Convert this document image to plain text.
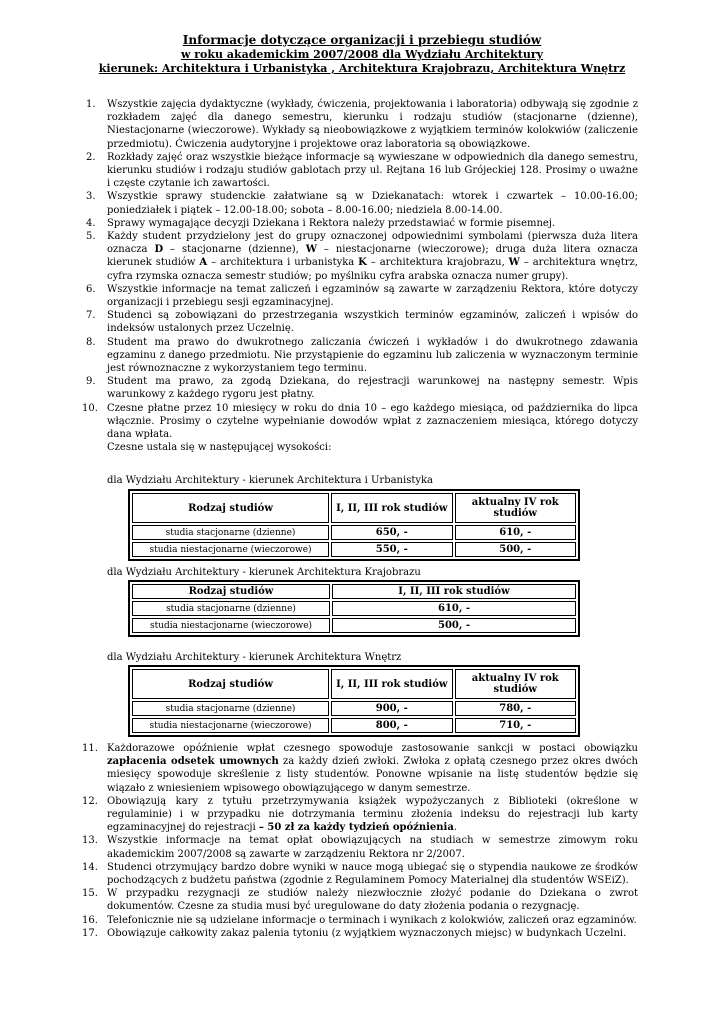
Informacje dotyczące organizacji i przebiegu studiów
w roku akademickim 2007/2008 dla Wydziału Architektury
kierunek: Architektura i Urbanistyka , Architektura Krajobrazu, Architektura Wnętrz
1. Wszystkie zajęcia dydaktyczne (wykłady, ćwiczenia, projektowania i laboratoria) odbywają się zgodnie z rozkładem zajęć dla danego semestru, kierunku i rodzaju studiów (stacjonarne (dzienne), Niestacjonarne (wieczorowe). Wykłady są nieobowiązkowe z wyjątkiem terminów kolokwiów (zaliczenie przedmiotu). Ćwiczenia audytoryjne i projektowe oraz laboratoria są obowiązkowe.
2. Rozkłady zajęć oraz wszystkie bieżące informacje są wywieszane w odpowiednich dla danego semestru, kierunku studiów i rodzaju studiów gablotach przy ul. Rejtana 16 lub Grójeckiej 128. Prosimy o uważne i częste czytanie ich zawartości.
3. Wszystkie sprawy studenckie załatwiane są w Dziekanatach: wtorek i czwartek – 10.00-16.00; poniedziałek i piątek – 12.00-18.00; sobota – 8.00-16.00; niedziela 8.00-14.00.
4. Sprawy wymagające decyzji Dziekana i Rektora należy przedstawiać w formie pisemnej.
5. Każdy student przydzielony jest do grupy oznaczonej odpowiednimi symbolami (pierwsza duża litera oznacza D – stacjonarne (dzienne), W – niestacjonarne (wieczorowe); druga duża litera oznacza kierunek studiów A – architektura i urbanistyka K – architektura krajobrazu, W – architektura wnętrz, cyfra rzymska oznacza semestr studiów; po myślniku cyfra arabska oznacza numer grupy).
6. Wszystkie informacje na temat zaliczeń i egzaminów są zawarte w zarządzeniu Rektora, które dotyczy organizacji i przebiegu sesji egzaminacyjnej.
7. Studenci są zobowiązani do przestrzegania wszystkich terminów egzaminów, zaliczeń i wpisów do indeksów ustalonych przez Uczelnię.
8. Student ma prawo do dwukrotnego zaliczania ćwiczeń i wykładów i do dwukrotnego zdawania egzaminu z danego przedmiotu. Nie przystąpienie do egzaminu lub zaliczenia w wyznaczonym terminie jest równoznaczne z wykorzystaniem tego terminu.
9. Student ma prawo, za zgodą Dziekana, do rejestracji warunkowej na następny semestr. Wpis warunkowy z każdego rygoru jest płatny.
10. Czesne płatne przez 10 miesięcy w roku do dnia 10 – ego każdego miesiąca, od października do lipca włącznie. Prosimy o czytelne wypełnianie dowodów wpłat z zaznaczeniem miesiąca, którego dotyczy dana wpłata.
Czesne ustala się w następującej wysokości:
dla Wydziału Architektury - kierunek Architektura i Urbanistyka
Rodzaj studiów	I, II, III rok studiów	aktualny IV rok studiów
studia stacjonarne (dzienne)	650, -	610, -
studia niestacjonarne (wieczorowe)	550, -	500, -
dla Wydziału Architektury - kierunek Architektura Krajobrazu
Rodzaj studiów	I, II, III rok studiów
studia stacjonarne (dzienne)	610, -
studia niestacjonarne (wieczorowe)	500, -
dla Wydziału Architektury - kierunek Architektura Wnętrz
Rodzaj studiów	I, II, III rok studiów	aktualny IV rok studiów
studia stacjonarne (dzienne)	900, -	780, -
studia niestacjonarne (wieczorowe)	800, -	710, -
11. Każdorazowe opóźnienie wpłat czesnego spowoduje zastosowanie sankcji w postaci obowiązku zapłacenia odsetek umownych za każdy dzień zwłoki. Zwłoka z opłatą czesnego przez okres dwóch miesięcy spowoduje skreślenie z listy studentów. Ponowne wpisanie na listę studentów będzie się wiązało z wniesieniem wpisowego obowiązującego w danym semestrze.
12. Obowiązują kary z tytułu przetrzymywania książek wypożyczanych z Biblioteki (określone w regulaminie) i w przypadku nie dotrzymania terminu złożenia indeksu do rejestracji lub karty egzaminacyjnej do rejestracji – 50 zł za każdy tydzień opóźnienia.
13. Wszystkie informacje na temat opłat obowiązujących na studiach w semestrze zimowym roku akademickim 2007/2008 są zawarte w zarządzeniu Rektora nr 2/2007.
14. Studenci otrzymujący bardzo dobre wyniki w nauce mogą ubiegać się o stypendia naukowe ze środków pochodzących z budżetu państwa (zgodnie z Regulaminem Pomocy Materialnej dla studentów WSEiZ).
15. W przypadku rezygnacji ze studiów należy niezwłocznie złożyć podanie do Dziekana o zwrot dokumentów. Czesne za studia musi być uregulowane do daty złożenia podania o rezygnację.
16. Telefonicznie nie są udzielane informacje o terminach i wynikach z kolokwiów, zaliczeń oraz egzaminów.
17. Obowiązuje całkowity zakaz palenia tytoniu (z wyjątkiem wyznaczonych miejsc) w budynkach Uczelni.
